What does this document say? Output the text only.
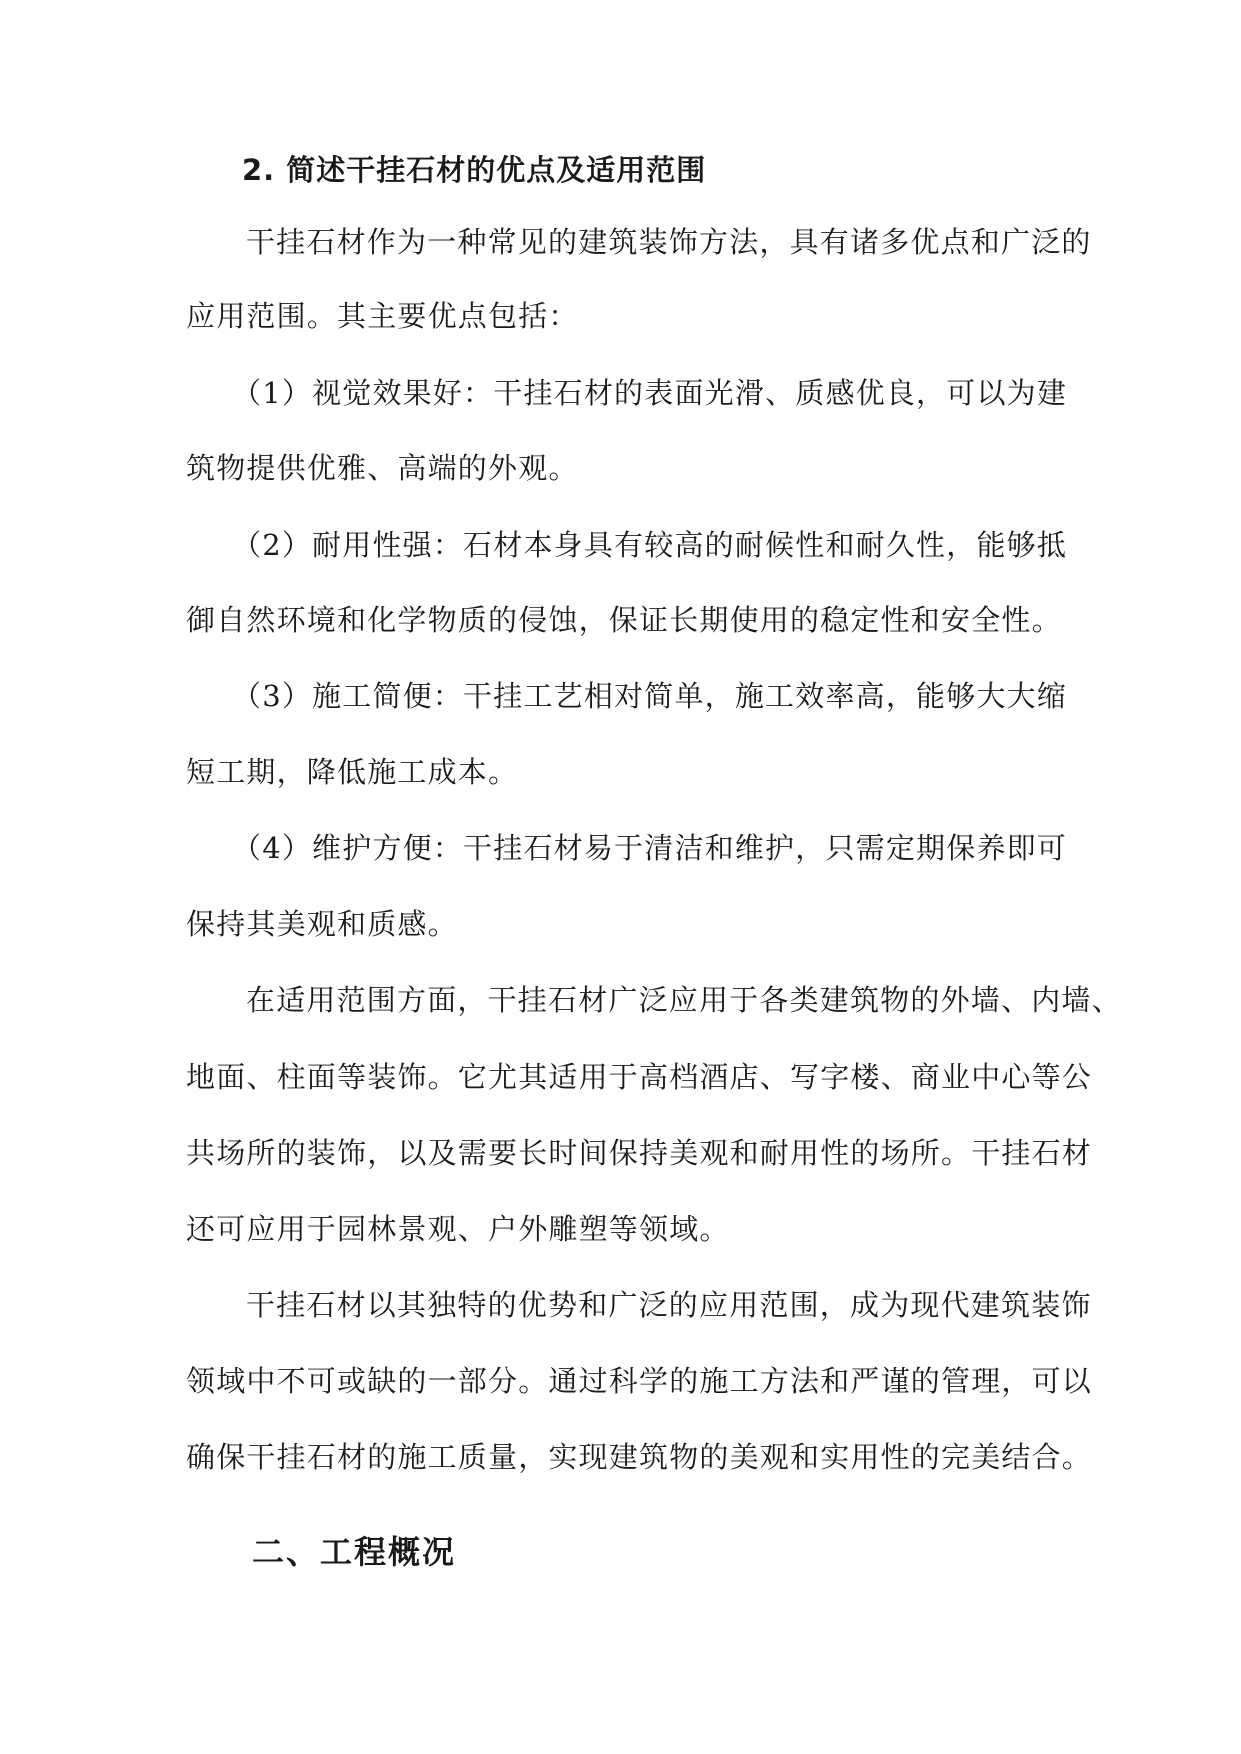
2. 简述干挂石材的优点及适用范围
干挂石材作为一种常见的建筑装饰方法，具有诸多优点和广泛的
应用范围。其主要优点包括：
（1）视觉效果好：干挂石材的表面光滑、质感优良，可以为建
筑物提供优雅、高端的外观。
（2）耐用性强：石材本身具有较高的耐候性和耐久性，能够抵
御自然环境和化学物质的侵蚀，保证长期使用的稳定性和安全性。
（3）施工简便：干挂工艺相对简单，施工效率高，能够大大缩
短工期，降低施工成本。
（4）维护方便：干挂石材易于清洁和维护，只需定期保养即可
保持其美观和质感。
在适用范围方面，干挂石材广泛应用于各类建筑物的外墙、内墙、
地面、柱面等装饰。它尤其适用于高档酒店、写字楼、商业中心等公
共场所的装饰，以及需要长时间保持美观和耐用性的场所。干挂石材
还可应用于园林景观、户外雕塑等领域。
干挂石材以其独特的优势和广泛的应用范围，成为现代建筑装饰
领域中不可或缺的一部分。通过科学的施工方法和严谨的管理，可以
确保干挂石材的施工质量，实现建筑物的美观和实用性的完美结合。
二、工程概况
